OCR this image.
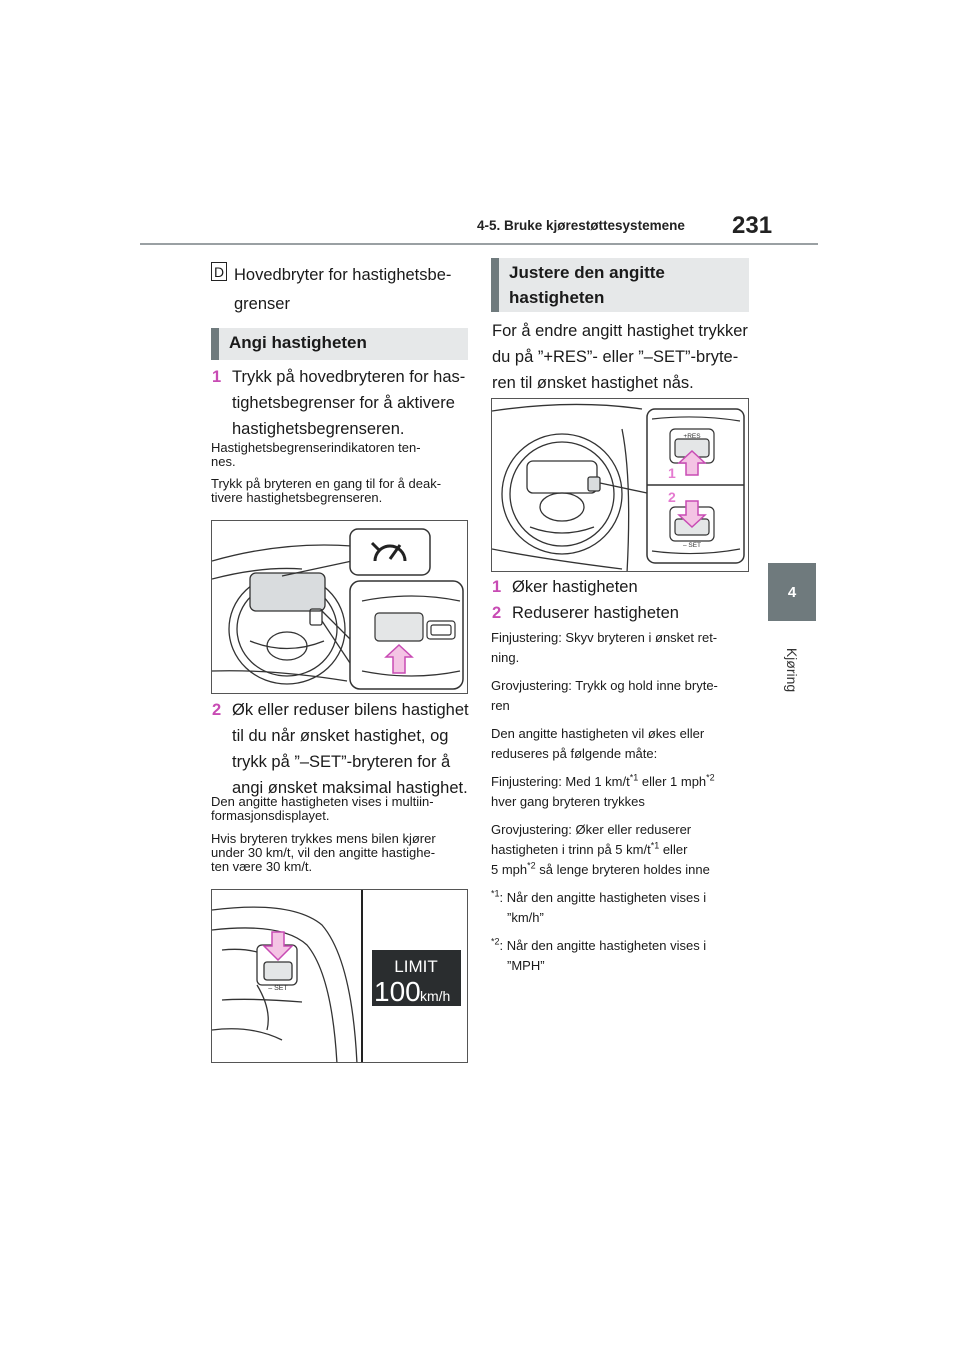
4-5. Bruke kjørestøttesystemene 231
4
Kjøring
D Hovedbryter for hastighetsbe-
grenser
Angi hastigheten
1 Trykk på hovedbryteren for has-
tighetsbegrenser for å aktivere
hastighetsbegrenseren.
Hastighetsbegrenserindikatoren ten-
nes.
Trykk på bryteren en gang til for å deak-
tivere hastighetsbegrenseren.
2 Øk eller reduser bilens hastighet
til du når ønsket hastighet, og
trykk på ”–SET”-bryteren for å
angi ønsket maksimal hastighet.
Den angitte hastigheten vises i multiin-
formasjonsdisplayet.
Hvis bryteren trykkes mens bilen kjører
under 30 km/t, vil den angitte hastighe-
ten være 30 km/t.
– SET
LIMIT
100 km/h
Justere den angitte
hastigheten
For å endre angitt hastighet trykker
du på ”+RES”- eller ”–SET”-bryte-
ren til ønsket hastighet nås.
+RES
– SET
1
2
1 Øker hastigheten
2 Reduserer hastigheten
Finjustering: Skyv bryteren i ønsket ret-
ning.
Grovjustering: Trykk og hold inne bryte-
ren
Den angitte hastigheten vil økes eller
reduseres på følgende måte:
Finjustering: Med 1 $km/t^{*1}$ eller 1 mph$^{*2}$
hver gang bryteren trykkes
Grovjustering: Øker eller reduserer
hastigheten i trinn på 5 $km/t^{*1}$ eller
5 mph$^{*2}$ så lenge bryteren holdes inne
$^{*1}$: Når den angitte hastigheten vises i
”km/h”
$^{*2}$: Når den angitte hastigheten vises i
”MPH”
